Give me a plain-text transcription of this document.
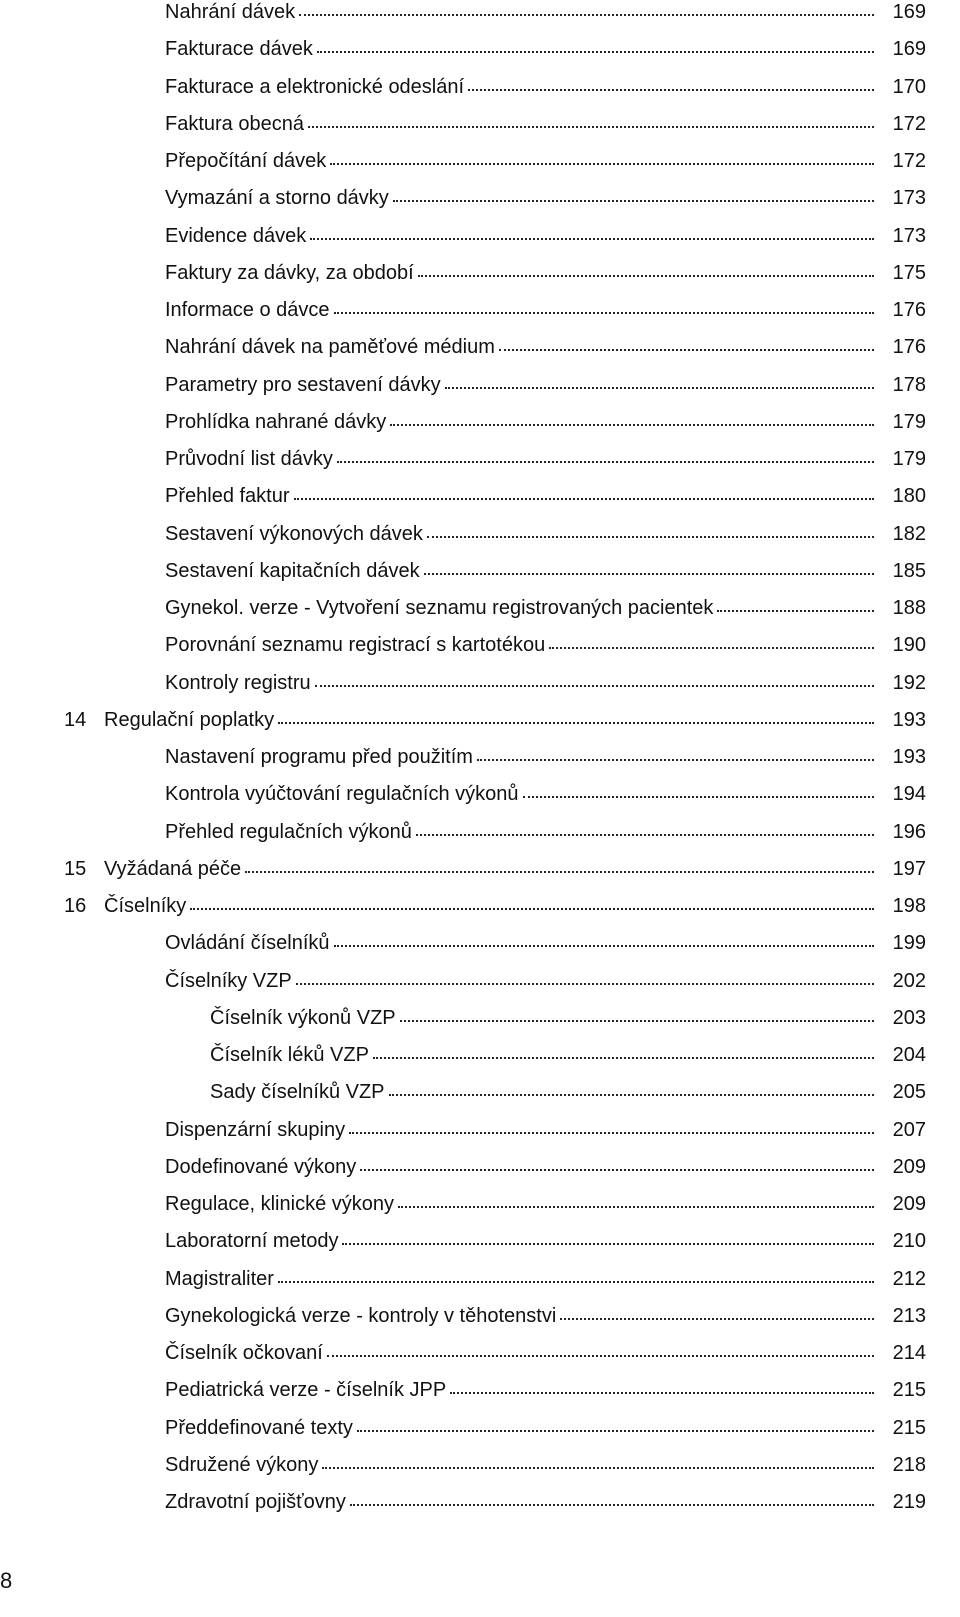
Nahrání dávek	169
Fakturace dávek	169
Fakturace a elektronické odeslání	170
Faktura obecná	172
Přepočítání dávek	172
Vymazání a storno dávky	173
Evidence dávek	173
Faktury za dávky, za období	175
Informace o dávce	176
Nahrání dávek na paměťové médium	176
Parametry pro sestavení dávky	178
Prohlídka nahrané dávky	179
Průvodní list dávky	179
Přehled faktur	180
Sestavení výkonových dávek	182
Sestavení kapitačních dávek	185
Gynekol. verze - Vytvoření seznamu registrovaných pacientek	188
Porovnání seznamu registrací s kartotékou	190
Kontroly registru	192
14 Regulační poplatky	193
Nastavení programu před použitím	193
Kontrola vyúčtování regulačních výkonů	194
Přehled regulačních výkonů	196
15 Vyžádaná péče	197
16 Číselníky	198
Ovládání číselníků	199
Číselníky VZP	202
Číselník výkonů VZP	203
Číselník léků VZP	204
Sady číselníků VZP	205
Dispenzární skupiny	207
Dodefinované výkony	209
Regulace, klinické výkony	209
Laboratorní metody	210
Magistraliter	212
Gynekologická verze - kontroly v těhotenstvi	213
Číselník očkovaní	214
Pediatrická verze - číselník JPP	215
Předdefinované texty	215
Sdružené výkony	218
Zdravotní pojišťovny	219
8
